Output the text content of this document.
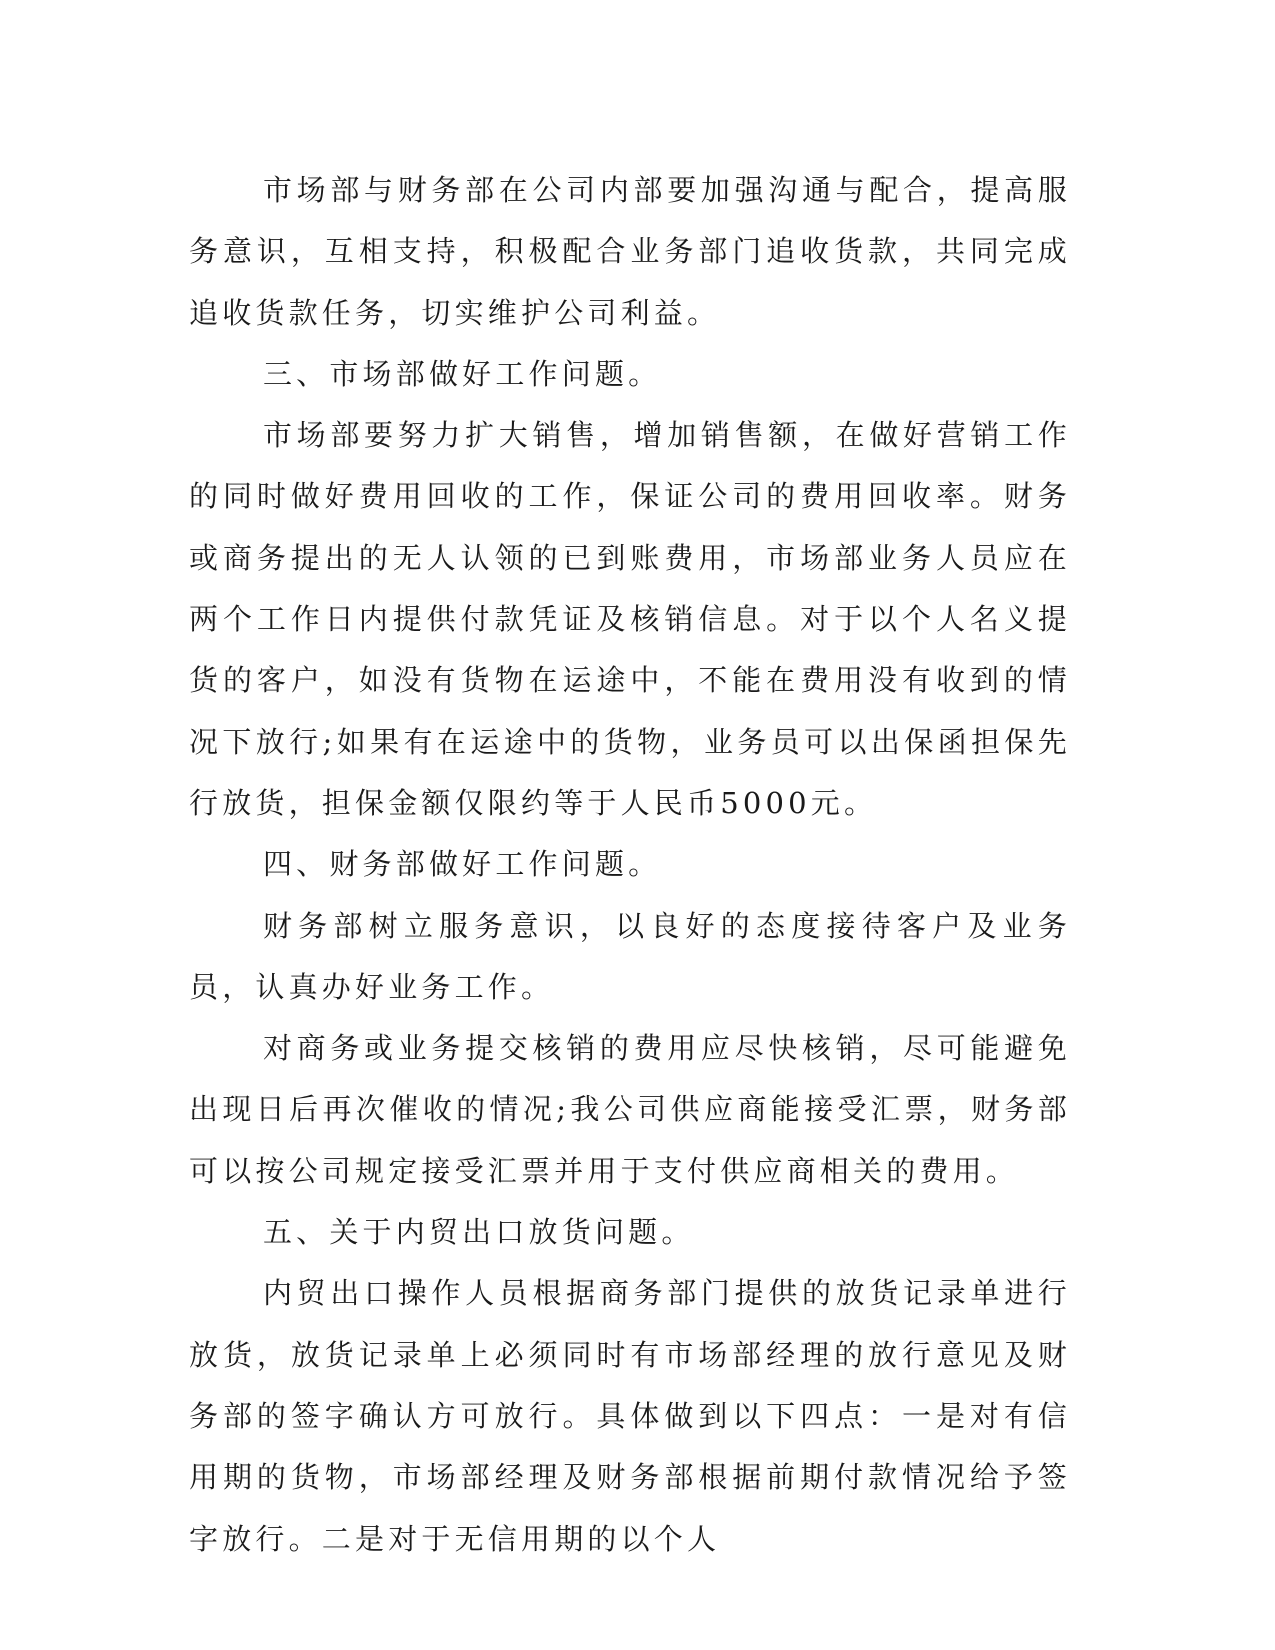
市场部与财务部在公司内部要加强沟通与配合，提高服务意识，互相支持，积极配合业务部门追收货款，共同完成追收货款任务，切实维护公司利益。

三、市场部做好工作问题。

市场部要努力扩大销售，增加销售额，在做好营销工作的同时做好费用回收的工作，保证公司的费用回收率。财务或商务提出的无人认领的已到账费用，市场部业务人员应在两个工作日内提供付款凭证及核销信息。对于以个人名义提货的客户，如没有货物在运途中，不能在费用没有收到的情况下放行;如果有在运途中的货物，业务员可以出保函担保先行放货，担保金额仅限约等于人民币5000元。

四、财务部做好工作问题。

财务部树立服务意识，以良好的态度接待客户及业务员，认真办好业务工作。

对商务或业务提交核销的费用应尽快核销，尽可能避免出现日后再次催收的情况;我公司供应商能接受汇票，财务部可以按公司规定接受汇票并用于支付供应商相关的费用。

五、关于内贸出口放货问题。

内贸出口操作人员根据商务部门提供的放货记录单进行放货，放货记录单上必须同时有市场部经理的放行意见及财务部的签字确认方可放行。具体做到以下四点：一是对有信用期的货物，市场部经理及财务部根据前期付款情况给予签字放行。二是对于无信用期的以个人
